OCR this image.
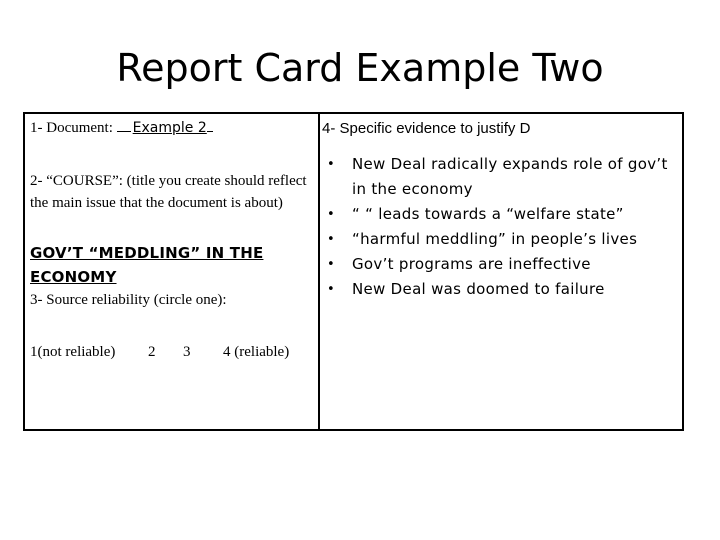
Report Card Example Two
1- Document: Example 2
2- “COURSE”: (title you create should reflect the main issue that the document is about)
GOV’T “MEDDLING” IN THE ECONOMY
3- Source reliability (circle one):
1(not reliable) 2 3 4 (reliable)
4- Specific evidence to justify D
• New Deal radically expands role of gov’t in the economy
• “ “ leads towards a “welfare state”
• “harmful meddling” in people’s lives
• Gov’t programs are ineffective
• New Deal was doomed to failure
